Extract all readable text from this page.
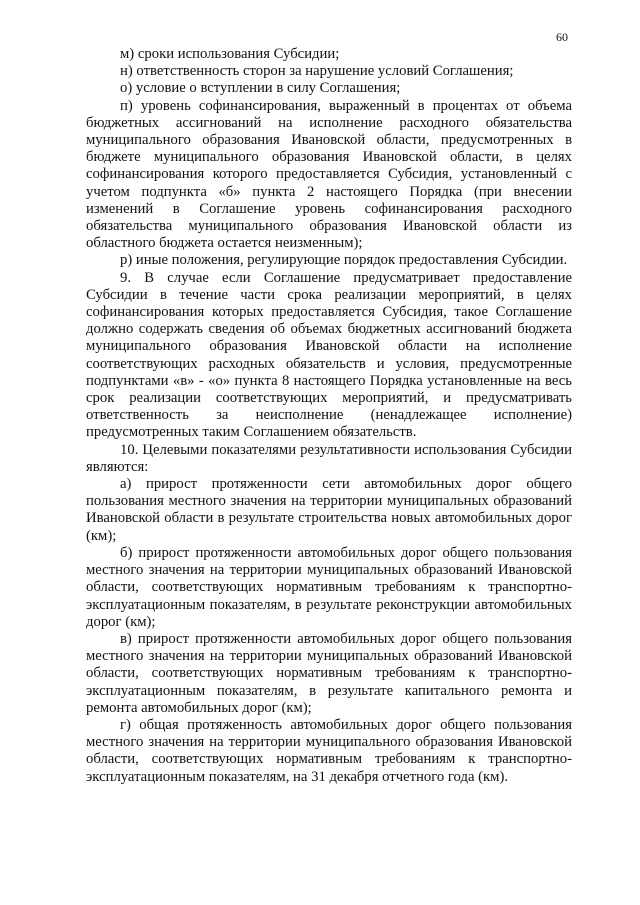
60

м) сроки использования Субсидии;

н) ответственность сторон за нарушение условий Соглашения;

о) условие о вступлении в силу Соглашения;

п) уровень софинансирования, выраженный в процентах от объема бюджетных ассигнований на исполнение расходного обязательства муниципального образования Ивановской области, предусмотренных в бюджете муниципального образования Ивановской области, в целях софинансирования которого предоставляется Субсидия, установленный с учетом подпункта «б» пункта 2 настоящего Порядка (при внесении изменений в Соглашение уровень софинансирования расходного обязательства муниципального образования Ивановской области из областного бюджета остается неизменным);

р) иные положения, регулирующие порядок предоставления Субсидии.

9. В случае если Соглашение предусматривает предоставление Субсидии в течение части срока реализации мероприятий, в целях софинансирования которых предоставляется Субсидия, такое Соглашение должно содержать сведения об объемах бюджетных ассигнований бюджета муниципального образования Ивановской области на исполнение соответствующих расходных обязательств и условия, предусмотренные подпунктами «в» - «о» пункта 8 настоящего Порядка установленные на весь срок реализации соответствующих мероприятий, и предусматривать ответственность за неисполнение (ненадлежащее исполнение) предусмотренных таким Соглашением обязательств.

10. Целевыми показателями результативности использования Субсидии являются:

а) прирост протяженности сети автомобильных дорог общего пользования местного значения на территории муниципальных образований Ивановской области в результате строительства новых автомобильных дорог (км);

б) прирост протяженности автомобильных дорог общего пользования местного значения на территории муниципальных образований Ивановской области, соответствующих нормативным требованиям к транспортно-эксплуатационным показателям, в результате реконструкции автомобильных дорог (км);

в) прирост протяженности автомобильных дорог общего пользования местного значения на территории муниципальных образований Ивановской области, соответствующих нормативным требованиям к транспортно-эксплуатационным показателям, в результате капитального ремонта и ремонта автомобильных дорог (км);

г) общая протяженность автомобильных дорог общего пользования местного значения на территории муниципального образования Ивановской области, соответствующих нормативным требованиям к транспортно-эксплуатационным показателям, на 31 декабря отчетного года (км).
